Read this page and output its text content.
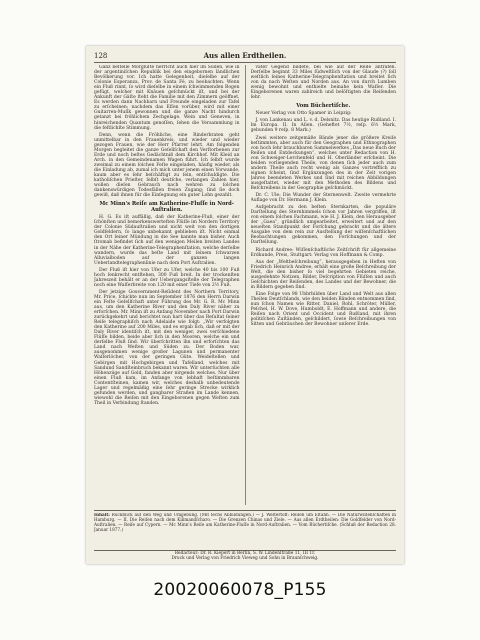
128	Aus allen Erdtheilen.

Ganz beſtelle Morgluſte herrſcht auch hier im Süden, wie in der argentiniſchen Republik bei den eingebornen ländlichen Bevölkerung vor. Ich hatte Gelegenheit, dieſelbe auf der Colonie Esperanza, Prov. de Santa Fé, zu beobachten. Wenn ein Fluß rinnt, ſo wird dieſelbe in einem ſchwimmenden Bogen gefügt, welcher mit Knäuen geſchmückt iſt, und bei der Ankunft der Gäſte ſteht die Familie mit den Zimmern geöffnet. Es werden dann Nachbarn und Freunde eingeladen zur Tafel zu erſcheinen; nachdem das Eſſen vorüber, wird mit einer Guitarren-Muſik gewonnen und die ganze Nacht hindurch getanzt bei fröhlichem Zechgelage. Wein und Geneven, in hinreichenden Quantum genoſſen, ſehen die Versammlung in die feſtlichſte Stimmung.

Denn, wenn die Fröhliche, eine Rinderbraten geht unmittelbar in den Frauenkreis, und wieder und wieder gezogen Frauen, wie der Herr Pfarrer lehrt. Am folgenden Morgen begleitet die ganze Geſellſchaft den Verſtorbenen zur Erde und noch beſtes Gedächtniß dem Kirchhof. Mit Kleid an Arch. in den Gemeindenamen Wagen führt. Ich ſelbſt wurde zweimal zu einem ſolchen Feſte eingeladen, häufig wieder, als die Einladung ab, zumal ich mich unter jenem einen Vorwande, kaum aber es ſehr beſchäftigt zu ſein, entſchuldigte. Die katholiſchen Prieſter, ſelbſt deutſche, verlangen Zahlen hier, wollen dieſen Gebrauch nach wehren zu ſolchen dankenswürdigen Todesfällen freien Zugang; ſind ſie doch gewiß, daß ihnen für die Einſegnung ein guter Lohn gezahlt.

Mc Minn's Reiſe am Katherine-Fluſſe in Nord-Auſtralien.

H. G. Es iſt auffällig, daß der Katherine-Fluß, einer der ſchönſten und bemerkenswerteſten Flüſſe im Nordern Territory der Colonie Südauſtralien und nicht weit von den dortigen Goldfeldern, ſo lange unbekannt geblieben iſt. Nicht einmal den Ort ſeiner Mündung in die See kannte man bisher. Auch ſtromab befindet ſich auf den wenigen Meilen breiten Landes in der Nähe der Katherine-Telegraphenſtation, welche derſelbe wandern, wurde das beſte Land mit ſeinem ſchwarzen Alluvialboden auf der ganzen langen Ueberlandtelegraphenlinie nach dem Port Auſtralien.

Der Fluß iſt hier von Ufer zu Ufer, welche 40 bis 100 Fuß hoch ſenkrecht entſtehen, 300 Fuß breit. In der trockenſten Jahreszeit behält er an der Uebergangsſtelle der Telegraphen noch eine Waſſerbreite von 120 mit einer Tiefe von 2½ Fuß.

Der jetzige Gouvernment-Reſident des Northern Territory, Mr. Price, ſchickte nun im September 1876 den Herrn Darwin ein Feſte Geſellſchaft unter Führung des Mr. G. R. Mc Minn aus, um den Katherine River und den Daly River näher zu erforſchen. Mr. Minn iſt zu Anfang November nach Port Darwin zurückgekehrt und berichtet nun hart über das Reſultat ſeiner Reiſe telegraphiſch nach Adelaide wie folgt: „Wir verfolgten den Katherine auf 200 Miles, und es ergab ſich, daß er mit der Daly River identiſch iſt, mit den weniger, zwei verſchiedene Flüſſe bilden, beide aber ſich in den Mooren, welche ein und derſelbe Fluß ſind. Wir überſchritten ihn und erforſchten das Land nach Weſten und Süden zu. Der Boden war, ausgenommen wenige großer Lagunen und permanenter Waſſerlöcher, von der geringen Güte. Weideſtellen und Gebirgen mit Hochgebirgen und Tafelland, welches mit Sandund Sandſteinbruch bekannt waren. Wir unterſuchten alle Höhenzüge auf Gold, fanden aber nirgends welches. Nur über einen Fluß kam, im Anfange von lebhaft beſtimmbaren Contentſteinen, kamen wir, welches deshalb unbedeutende Lager und regelmäßig eine ſehr geringe Strecke wirklich gefunden werden, und gangbarer Straßen im Lande kennen, wiewohl die Reiſen mit den Eingeborenen gegen Weſten zum Theil in Verbindung ſtanden.

vater Gegend bildete, bei wie auf der Reiſe antrafen. Derſelbe beginnt 33 Miles ſüdweſtlich von der Glaude (?) ſoll weſtlich ſeines Katherine-Telegraphenſtation und breitet ſich von da nach Weſten und Norden aus. An von durch Lumben wenig bewohnt und enthielte beinahe kein Waſſer. Die Eingeborenen waren zahlreich und belöſtigten die Reiſenden ſehr.

Vom Büchertiſche.

Neuer Verlag von Otto Spamer in Leipzig:

J. von Lankenau und L. v. d. Delsnitz. Das heutige Rußland. I. Im Europa. II. In Aſien. (Geheftet 7½, reſp. 6½ Mark, gebunden 9 reſp. 8 Mark.)

Zwei weitere zeitgemäße Bände jener die größere Kreiſe beſtimmten, aber auch für den Geographen und Ethnographen von hoch ſehr brauchbaren Sammelwerkes „Das neue Buch der Reiſen und Entdeckungen“, welches unter Redaction von H. von Schweiger-Lerchenfeld und H. Oberländer erſcheint. Die beiden vorliegenden Theile, von denen ſich jeder auch zum andern Theile auch recht wenig als Ganzes vortrefflich zu eignen ſcheint, ſind Ergänzungen des in der Zeit vorigen Jahres beendeten Werkes und ſind mit reichen Abbildungen ausgeſtattet, wieder mit den Methoden des Bildens und Beſchreibens in der Geographie geſchmückt.

Dr. C. Ule: Die Wunder der Sternenwelt. Zweite vermehrte Auflage von Dr. Hermann J. Klein.

Aufgebracht zu den beſten Sternkarten, die populäre Darſtellung des Sternhimmels ſchon vor Jahren vergriffen, iſt von einem ſolchen Fachmann, wie H. J. Klein, den Herausgeber der „Gaea“, gründlich umgearbeitet, erweitert und auf den neueſten Standpunkt der Forſchung gebracht und die ältere Ausgabe von dem rein zur Ausſtellung der wiſſenſchaftlichen Beobachtungen gekommen, den Forſchungen und der Darſtellung.

Richard Andree: Wiſſenſchaftliche Zeitſchrift für allgemeine Erdkunde, Preis, Stuttgart: Verlag von Hoffmann & Comp.

Aus der „Weltbeſchreibung“, herausgegeben in Heften von Friedrich Heinrich Andree, erhält eine große Beſchreibung der Welt, die den bisher ſo viel begehrten Gebieten reiche, ausgedehnte Notizen, Bilder, Deſcription von Flüſſen und auch Geſchichten der Reiſenden, des Landes und der Bewohner, die in Bildern gegeben ſind.

Eine Folge von 98 Ubbrbilden über Land und Welt aus allen Theilen Deutſchlands, wie den beiden Bänden entnommen ſind, nun ſchon Namen wie Ritter, Daniel, Rohl, Schröter, Müller, Peſchel, H. W. Dove, Humboldt, E. Hoffmann und andere, die Reiſen nach Orient und Occident und Rußland, mit ihren politiſchen Zuſtänden, geſchildert, ſowie Beſchreibungen von Sitten und Gebräuchen der Bewohner unſerer Erde.

Inhalt: Rückblick auf den Weg und Umgebung. (Mit ſechs Abbildungen.) — J. Weſtertoff: Reiſen um Eltahn. — Die Naturwiſſenſchaften in Hamburg. — II. Die Reiſen nach dem Kilimandſcharo. — Die Grenzen Chinas und Ziele. — Aus allen Erdtheilen: Die Goldfelder von Nord-Auſtralien. — Reiſe auf Cypern. — Mc Minn's Reiſe am Katherine-Fluſſe in Nord-Auſtralien. — Vom Büchertiſche. (Schluß der Redaction 28. Januar 1877.)
Redacteur: Dr. R. Kiepert in Berlin, S. W. Lindenſtraße 11, III Tr.
Druck und Verlag von Friedrich Vieweg und Sohn in Braunſchweig.
20020060078_P155
